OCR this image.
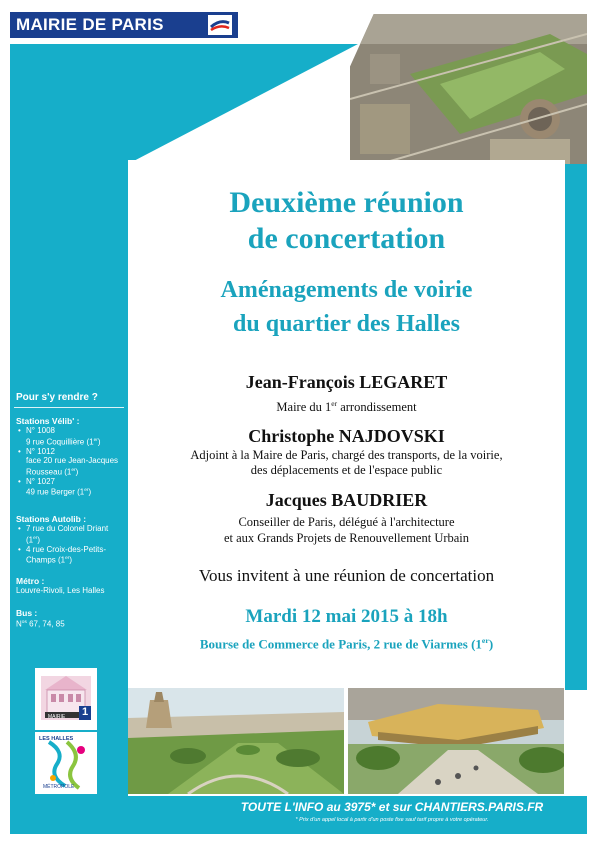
MAIRIE DE PARIS
Deuxième réunion
de concertation
Aménagements de voirie
du quartier des Halles
Jean-François LEGARET
Maire du 1er arrondissement
Christophe NAJDOVSKI
Adjoint à la Maire de Paris, chargé des transports, de la voirie,
des déplacements et de l'espace public
Jacques BAUDRIER
Conseiller de Paris, délégué à l'architecture
et aux Grands Projets de Renouvellement Urbain
Vous invitent à une réunion de concertation
Mardi 12 mai 2015 à 18h
Bourse de Commerce de Paris, 2 rue de Viarmes (1er)
Pour s'y rendre ?
Stations Vélib' :
• N° 1008
9 rue Coquillière (1er)
• N° 1012
face 20 rue Jean-Jacques Rousseau (1er)
• N° 1027
49 rue Berger (1er)
Stations Autolib :
• 7 rue du Colonel Driant (1er)
• 4 rue Croix-des-Petits-Champs (1er)
Métro :
Louvre-Rivoli, Les Halles
Bus :
$N^{os}$ 67, 74, 85
MAIRIE 1
LES HALLES
MÉTROPOLE	Seura architectes / Artefactory
TOUTE L'INFO au 3975* et sur CHANTIERS.PARIS.FR
* Prix d'un appel local à partir d'un poste fixe sauf tarif propre à votre opérateur.
